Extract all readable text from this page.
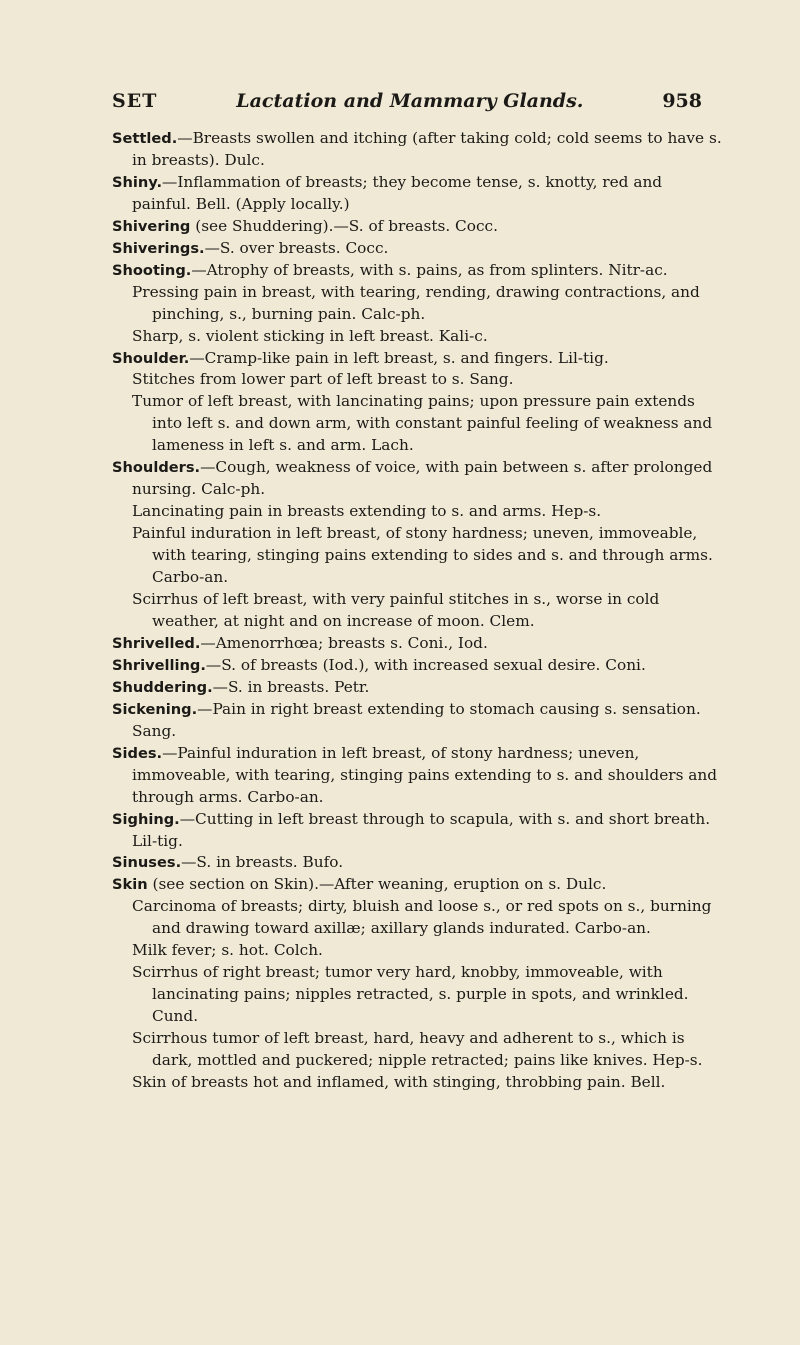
SET	Lactation and Mammary Glands.	958

Settled.—Breasts swollen and itching (after taking cold; cold seems to have s. in breasts). Dulc.

Shiny.—Inflammation of breasts; they become tense, s. knotty, red and painful. Bell. (Apply locally.)

Shivering (see Shuddering).—S. of breasts. Cocc.

Shiverings.—S. over breasts. Cocc.

Shooting.—Atrophy of breasts, with s. pains, as from splinters. Nitr-ac.

Pressing pain in breast, with tearing, rending, drawing contractions, and pinching, s., burning pain. Calc-ph.

Sharp, s. violent sticking in left breast. Kali-c.

Shoulder.—Cramp-like pain in left breast, s. and fingers. Lil-tig.

Stitches from lower part of left breast to s. Sang.

Tumor of left breast, with lancinating pains; upon pressure pain extends into left s. and down arm, with constant painful feeling of weakness and lameness in left s. and arm. Lach.

Shoulders.—Cough, weakness of voice, with pain between s. after prolonged nursing. Calc-ph.

Lancinating pain in breasts extending to s. and arms. Hep-s.

Painful induration in left breast, of stony hardness; uneven, immoveable, with tearing, stinging pains extending to sides and s. and through arms. Carbo-an.

Scirrhus of left breast, with very painful stitches in s., worse in cold weather, at night and on increase of moon. Clem.

Shrivelled.—Amenorrhœa; breasts s. Coni., Iod.

Shrivelling.—S. of breasts (Iod.), with increased sexual desire. Coni.

Shuddering.—S. in breasts. Petr.

Sickening.—Pain in right breast extending to stomach causing s. sensation. Sang.

Sides.—Painful induration in left breast, of stony hardness; uneven, immoveable, with tearing, stinging pains extending to s. and shoulders and through arms. Carbo-an.

Sighing.—Cutting in left breast through to scapula, with s. and short breath. Lil-tig.

Sinuses.—S. in breasts. Bufo.

Skin (see section on Skin).—After weaning, eruption on s. Dulc.

Carcinoma of breasts; dirty, bluish and loose s., or red spots on s., burning and drawing toward axillæ; axillary glands indurated. Carbo-an.

Milk fever; s. hot. Colch.

Scirrhus of right breast; tumor very hard, knobby, immoveable, with lancinating pains; nipples retracted, s. purple in spots, and wrinkled. Cund.

Scirrhous tumor of left breast, hard, heavy and adherent to s., which is dark, mottled and puckered; nipple retracted; pains like knives. Hep-s.

Skin of breasts hot and inflamed, with stinging, throbbing pain. Bell.
